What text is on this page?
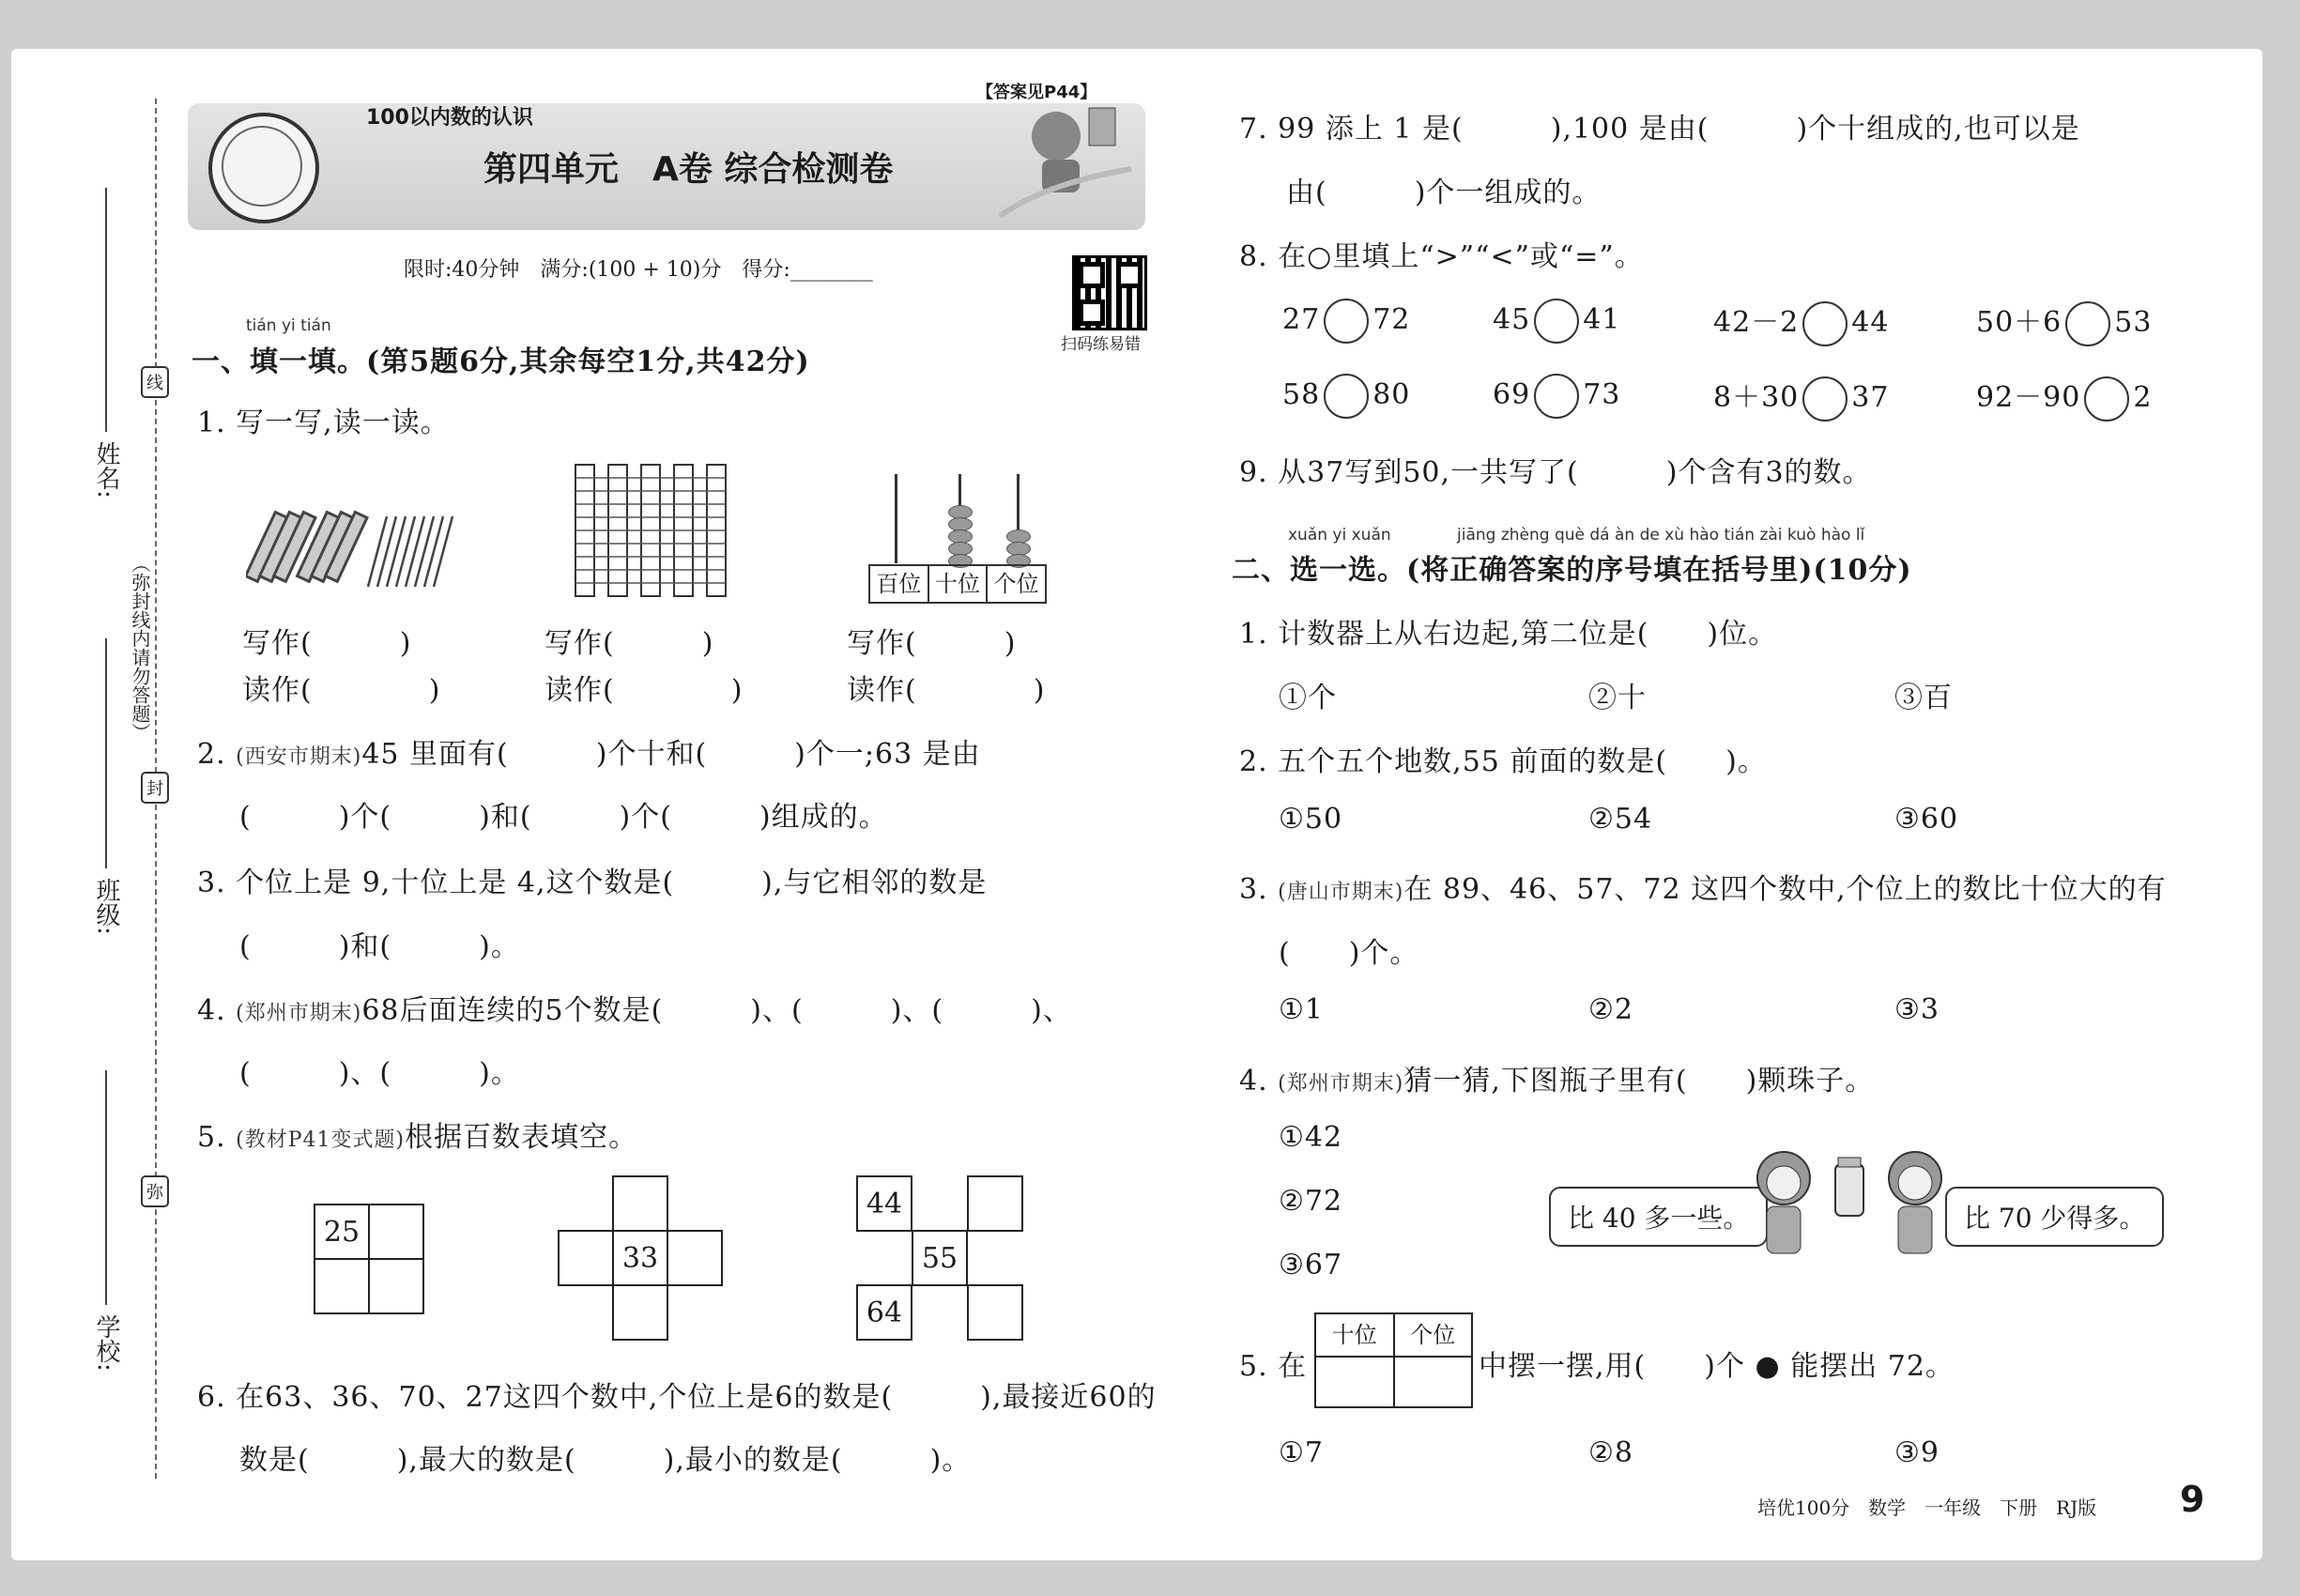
姓名:
班级:
学校:
线
封
弥
（弥封线内请勿答题）
100以内数的认识
【答案见P44】
第四单元　A卷 综合检测卷
限时:40分钟　满分:(100 + 10)分　得分:________
扫码练易错
tián yi tián
一、填一填。(第5题6分,其余每空1分,共42分)
1. 写一写,读一读。
百位 十位 个位
写作(　　　)	写作(　　　)	写作(　　　)
读作(　　　　)	读作(　　　　)	读作(　　　　)
2. (西安市期末)45 里面有(　　　)个十和(　　　)个一;63 是由
(　　　)个(　　　)和(　　　)个(　　　)组成的。
3. 个位上是 9,十位上是 4,这个数是(　　　),与它相邻的数是
(　　　)和(　　　)。
4. (郑州市期末)68后面连续的5个数是(　　　)、(　　　)、(　　　)、
(　　　)、(　　　)。
5. (教材P41变式题)根据百数表填空。
25
33
44
55
64
6. 在63、36、70、27这四个数中,个位上是6的数是(　　　),最接近60的
数是(　　　),最大的数是(　　　),最小的数是(　　　)。
7. 99 添上 1 是(　　　),100 是由(　　　)个十组成的,也可以是
由(　　　)个一组成的。
8. 在○里填上“>”“<”或“=”。
27 72	45 41	42－2 44	50＋6 53
58 80	69 73	8＋30 37	92－90 2
9. 从37写到50,一共写了(　　　)个含有3的数。
xuǎn yi xuǎn	jiāng zhèng què dá àn de xù hào tián zài kuò hào lǐ
二、选一选。(将正确答案的序号填在括号里)(10分)
1. 计数器上从右边起,第二位是(　　)位。
①个	②十	③百
2. 五个五个地数,55 前面的数是(　　)。
①50	②54	③60
3. (唐山市期末)在 89、46、57、72 这四个数中,个位上的数比十位大的有
(　　)个。
①1	②2	③3
4. (郑州市期末)猜一猜,下图瓶子里有(　　)颗珠子。
①42
②72
③67
比 40 多一些。	比 70 少得多。
5. 在
十位	个位
中摆一摆,用(　　)个 ● 能摆出 72。
①7	②8	③9
培优100分　数学　一年级　下册　RJ版 9
